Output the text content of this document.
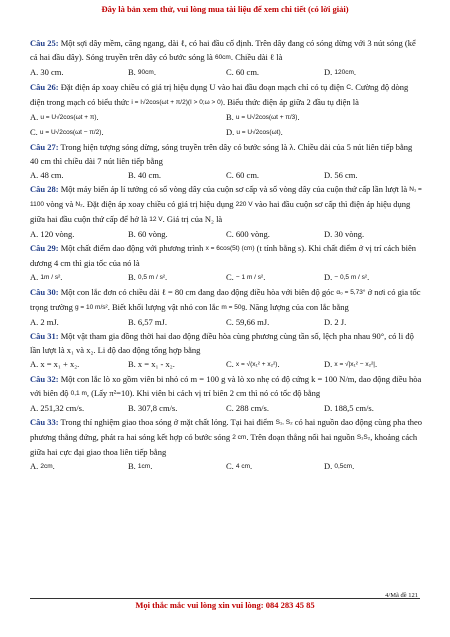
Đây là bản xem thử, vui lòng mua tài liệu để xem chi tiết (có lời giải)

Câu 25: Một sợi dây mềm, căng ngang, dài ℓ, có hai đầu cố định. Trên dây đang có sóng dừng với 3 nút sóng (kể cả hai đầu dây). Sóng truyền trên dây có bước sóng là 60cm. Chiều dài ℓ là

A. 30 cm.	B. 90cm.	C. 60 cm.	D. 120cm.

Câu 26: Đặt điện áp xoay chiều có giá trị hiệu dụng U vào hai đầu đoạn mạch chỉ có tụ điện C. Cường độ dòng điện trong mạch có biểu thức i = I√2cos(ωt + π/2)(I > 0;ω > 0). Biểu thức điện áp giữa 2 đầu tụ điện là

A. u = U√2cos(ωt + π).	B. u = U√2cos(ωt + π/3).
C. u = U√2cos(ωt − π/2).	D. u = U√2cos(ωt).

Câu 27: Trong hiện tượng sóng dừng, sóng truyền trên dây có bước sóng là λ. Chiều dài của 5 nút liên tiếp bằng 40 cm thì chiều dài 7 nút liên tiếp bằng

A. 48 cm.	B. 40 cm.	C. 60 cm.	D. 56 cm.

Câu 28: Một máy biến áp lí tưởng có số vòng dây của cuộn sơ cấp và số vòng dây của cuộn thứ cấp lần lượt là N₁ = 1100 vòng và N₂. Đặt điện áp xoay chiều có giá trị hiệu dụng 220 V vào hai đầu cuộn sơ cấp thì điện áp hiệu dụng giữa hai đầu cuộn thứ cấp để hở là 12 V. Giá trị của N₂ là

A. 120 vòng.	B. 60 vòng.	C. 600 vòng.	D. 30 vòng.

Câu 29: Một chất điểm dao động với phương trình x = 6cos(5t) (cm) (t tính bằng s). Khi chất điểm ở vị trí cách biên dương 4 cm thì gia tốc của nó là

A. 1m / s².	B. 0,5 m / s².	C. − 1 m / s².	D. − 0,5 m / s².

Câu 30: Một con lắc đơn có chiều dài ℓ = 80 cm đang dao động điều hòa với biên độ góc α₀ = 5,73° ở nơi có gia tốc trọng trường g = 10 m/s². Biết khối lượng vật nhỏ con lắc m = 50g. Năng lượng của con lắc bằng

A. 2 mJ.	B. 6,57 mJ.	C. 59,66 mJ.	D. 2 J.

Câu 31: Một vật tham gia đồng thời hai dao động điều hòa cùng phương cùng tần số, lệch pha nhau 90°, có li độ lần lượt là x₁ và x₂. Li độ dao động tổng hợp bằng

A. x = x₁ + x₂.	B. x = x₁ - x₂.	C. x = √(x₁² + x₂²).	D. x = √|x₁² − x₂²|.

Câu 32: Một con lắc lò xo gồm viên bi nhỏ có m = 100 g và lò xo nhẹ có độ cứng k = 100 N/m, dao động điều hòa với biên độ 0,1 m, (Lấy π²=10). Khi viên bi cách vị trí biên 2 cm thì nó có tốc độ bằng

A. 251,32 cm/s.	B. 307,8 cm/s.	C. 288 cm/s.	D. 188,5 cm/s.

Câu 33: Trong thí nghiệm giao thoa sóng ở mặt chất lỏng. Tại hai điểm S₁, S₂ có hai nguồn dao động cùng pha theo phương thẳng đứng, phát ra hai sóng kết hợp có bước sóng 2 cm. Trên đoạn thẳng nối hai nguồn S₁S₂, khoảng cách giữa hai cực đại giao thoa liên tiếp bằng

A. 2cm.	B. 1cm.	C. 4 cm.	D. 0,5cm.
4/Mã đề 121
Mọi thắc mắc vui lòng xin vui lòng: 084 283 45 85
